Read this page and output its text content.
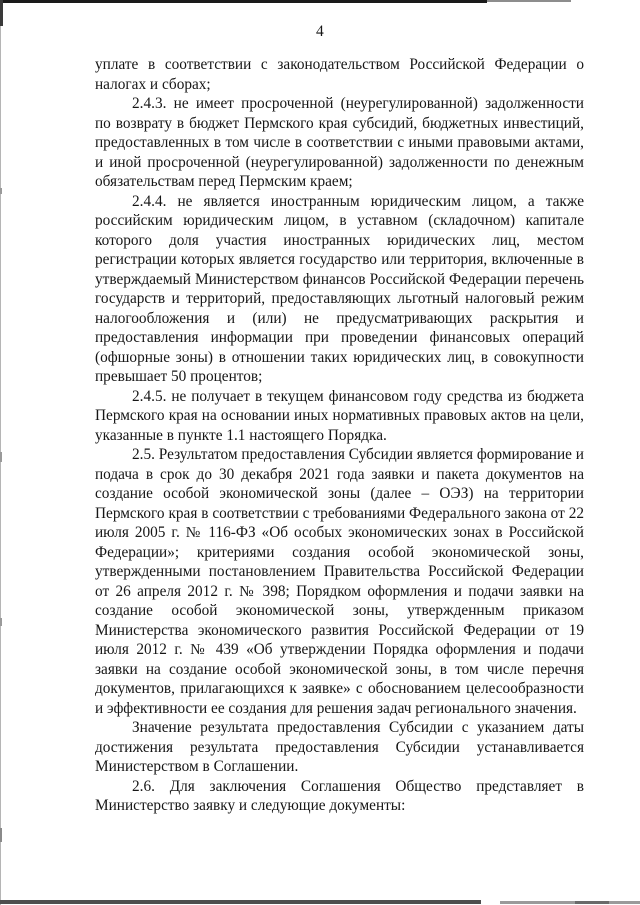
4

уплате в соответствии с законодательством Российской Федерации о налогах и сборах;

2.4.3. не имеет просроченной (неурегулированной) задолженности по возврату в бюджет Пермского края субсидий, бюджетных инвестиций, предоставленных в том числе в соответствии с иными правовыми актами, и иной просроченной (неурегулированной) задолженности по денежным обязательствам перед Пермским краем;

2.4.4. не является иностранным юридическим лицом, а также российским юридическим лицом, в уставном (складочном) капитале которого доля участия иностранных юридических лиц, местом регистрации которых является государство или территория, включенные в утверждаемый Министерством финансов Российской Федерации перечень государств и территорий, предоставляющих льготный налоговый режим налогообложения и (или) не предусматривающих раскрытия и предоставления информации при проведении финансовых операций (офшорные зоны) в отношении таких юридических лиц, в совокупности превышает 50 процентов;

2.4.5. не получает в текущем финансовом году средства из бюджета Пермского края на основании иных нормативных правовых актов на цели, указанные в пункте 1.1 настоящего Порядка.

2.5. Результатом предоставления Субсидии является формирование и подача в срок до 30 декабря 2021 года заявки и пакета документов на создание особой экономической зоны (далее – ОЭЗ) на территории Пермского края в соответствии с требованиями Федерального закона от 22 июля 2005 г. № 116-ФЗ «Об особых экономических зонах в Российской Федерации»; критериями создания особой экономической зоны, утвержденными постановлением Правительства Российской Федерации от 26 апреля 2012 г. № 398; Порядком оформления и подачи заявки на создание особой экономической зоны, утвержденным приказом Министерства экономического развития Российской Федерации от 19 июля 2012 г. № 439 «Об утверждении Порядка оформления и подачи заявки на создание особой экономической зоны, в том числе перечня документов, прилагающихся к заявке» с обоснованием целесообразности и эффективности ее создания для решения задач регионального значения.

Значение результата предоставления Субсидии с указанием даты достижения результата предоставления Субсидии устанавливается Министерством в Соглашении.

2.6. Для заключения Соглашения Общество представляет в Министерство заявку и следующие документы:
